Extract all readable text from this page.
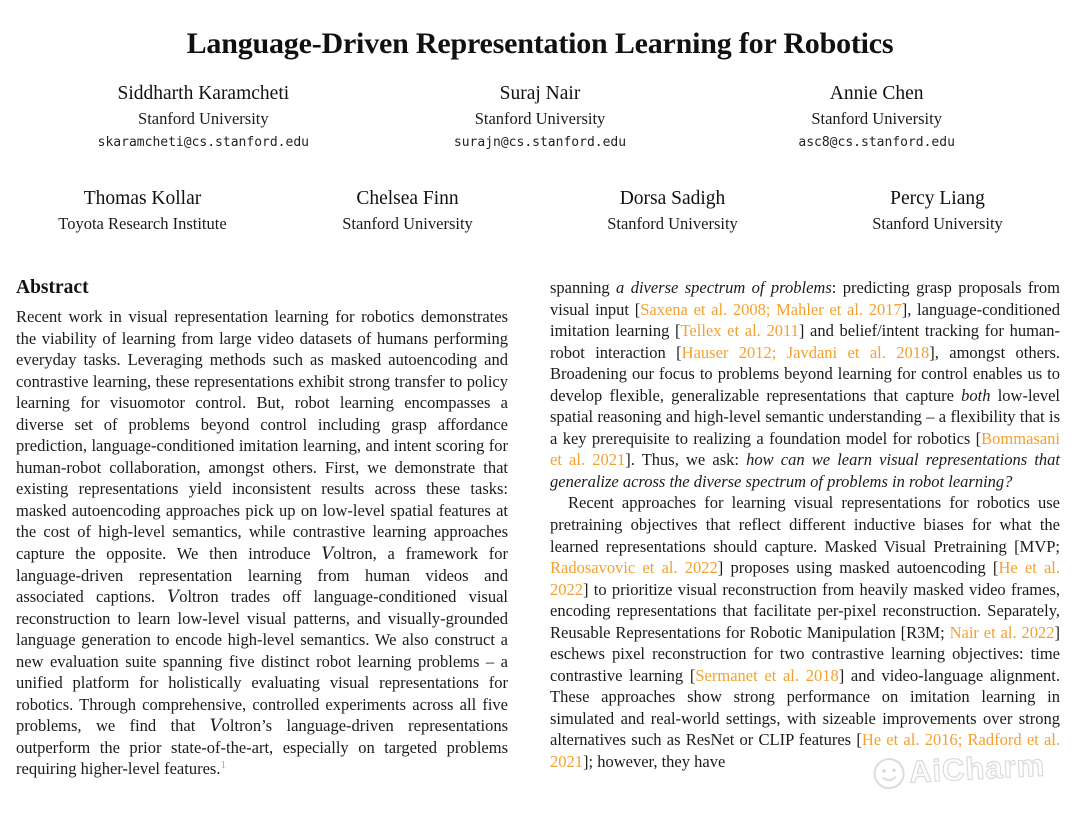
Language-Driven Representation Learning for Robotics
Siddharth Karamcheti
Stanford University
skaramcheti@cs.stanford.edu
Suraj Nair
Stanford University
surajn@cs.stanford.edu
Annie Chen
Stanford University
asc8@cs.stanford.edu
Thomas Kollar
Toyota Research Institute
Chelsea Finn
Stanford University
Dorsa Sadigh
Stanford University
Percy Liang
Stanford University
Abstract

Recent work in visual representation learning for robotics demonstrates the viability of learning from large video datasets of humans performing everyday tasks. Leveraging methods such as masked autoencoding and contrastive learning, these representations exhibit strong transfer to policy learning for visuomotor control. But, robot learning encompasses a diverse set of problems beyond control including grasp affordance prediction, language-conditioned imitation learning, and intent scoring for human-robot collaboration, amongst others. First, we demonstrate that existing representations yield inconsistent results across these tasks: masked autoencoding approaches pick up on low-level spatial features at the cost of high-level semantics, while contrastive learning approaches capture the opposite. We then introduce Voltron, a framework for language-driven representation learning from human videos and associated captions. Voltron trades off language-conditioned visual reconstruction to learn low-level visual patterns, and visually-grounded language generation to encode high-level semantics. We also construct a new evaluation suite spanning five distinct robot learning problems – a unified platform for holistically evaluating visual representations for robotics. Through comprehensive, controlled experiments across all five problems, we find that Voltron’s language-driven representations outperform the prior state-of-the-art, especially on targeted problems requiring higher-level features.$^1$

spanning a diverse spectrum of problems: predicting grasp proposals from visual input [Saxena et al. 2008; Mahler et al. 2017], language-conditioned imitation learning [Tellex et al. 2011] and belief/intent tracking for human-robot interaction [Hauser 2012; Javdani et al. 2018], amongst others. Broadening our focus to problems beyond learning for control enables us to develop flexible, generalizable representations that capture both low-level spatial reasoning and high-level semantic understanding – a flexibility that is a key prerequisite to realizing a foundation model for robotics [Bommasani et al. 2021]. Thus, we ask: how can we learn visual representations that generalize across the diverse spectrum of problems in robot learning?

Recent approaches for learning visual representations for robotics use pretraining objectives that reflect different inductive biases for what the learned representations should capture. Masked Visual Pretraining [MVP; Radosavovic et al. 2022] proposes using masked autoencoding [He et al. 2022] to prioritize visual reconstruction from heavily masked video frames, encoding representations that facilitate per-pixel reconstruction. Separately, Reusable Representations for Robotic Manipulation [R3M; Nair et al. 2022] eschews pixel reconstruction for two contrastive learning objectives: time contrastive learning [Sermanet et al. 2018] and video-language alignment. These approaches show strong performance on imitation learning in simulated and real-world settings, with sizeable improvements over strong alternatives such as ResNet or CLIP features [He et al. 2016; Radford et al. 2021]; however, they have	AiCharm
